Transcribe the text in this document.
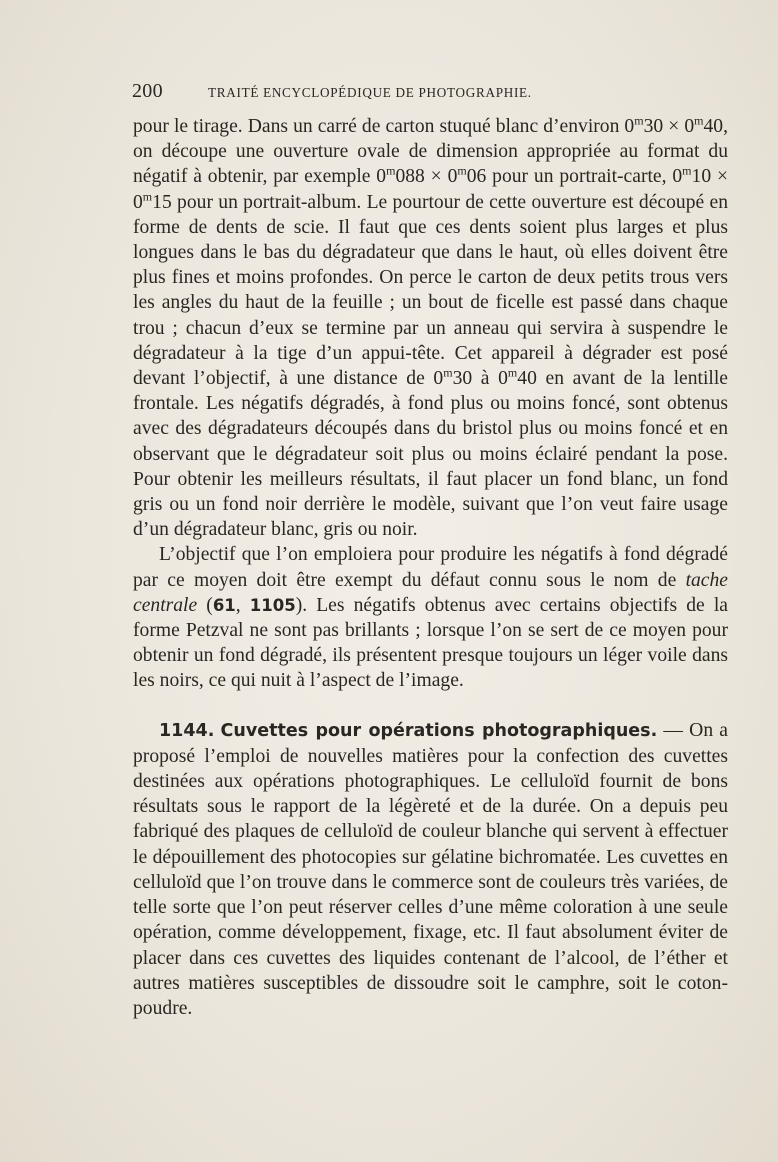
200	TRAITÉ ENCYCLOPÉDIQUE DE PHOTOGRAPHIE.

pour le tirage. Dans un carré de carton stuqué blanc d’environ $0^m30 \times 0^m40$, on découpe une ouverture ovale de dimension appropriée au format du négatif à obtenir, par exemple $0^m088 \times 0^m06$ pour un portrait-carte, $0^m10 \times 0^m15$ pour un portrait-album. Le pourtour de cette ouverture est découpé en forme de dents de scie. Il faut que ces dents soient plus larges et plus longues dans le bas du dégradateur que dans le haut, où elles doivent être plus fines et moins profondes. On perce le carton de deux petits trous vers les angles du haut de la feuille ; un bout de ficelle est passé dans chaque trou ; chacun d’eux se termine par un anneau qui servira à suspendre le dégradateur à la tige d’un appui-tête. Cet appareil à dégrader est posé devant l’objectif, à une distance de 0$^m$30 à 0$^m$40 en avant de la lentille frontale. Les négatifs dégradés, à fond plus ou moins foncé, sont obtenus avec des dégradateurs découpés dans du bristol plus ou moins foncé et en observant que le dégradateur soit plus ou moins éclairé pendant la pose. Pour obtenir les meilleurs résultats, il faut placer un fond blanc, un fond gris ou un fond noir derrière le modèle, suivant que l’on veut faire usage d’un dégradateur blanc, gris ou noir.

L’objectif que l’on emploiera pour produire les négatifs à fond dégradé par ce moyen doit être exempt du défaut connu sous le nom de tache centrale (61, 1105). Les négatifs obtenus avec certains objectifs de la forme Petzval ne sont pas brillants ; lorsque l’on se sert de ce moyen pour obtenir un fond dégradé, ils présentent presque toujours un léger voile dans les noirs, ce qui nuit à l’aspect de l’image.

1144. Cuvettes pour opérations photographiques. — On a proposé l’emploi de nouvelles matières pour la confection des cuvettes destinées aux opérations photographiques. Le celluloïd fournit de bons résultats sous le rapport de la légèreté et de la durée. On a depuis peu fabriqué des plaques de celluloïd de couleur blanche qui servent à effectuer le dépouillement des photocopies sur gélatine bichromatée. Les cuvettes en celluloïd que l’on trouve dans le commerce sont de couleurs très variées, de telle sorte que l’on peut réserver celles d’une même coloration à une seule opération, comme développement, fixage, etc. Il faut absolument éviter de placer dans ces cuvettes des liquides contenant de l’alcool, de l’éther et autres matières susceptibles de dissoudre soit le camphre, soit le coton-poudre.
